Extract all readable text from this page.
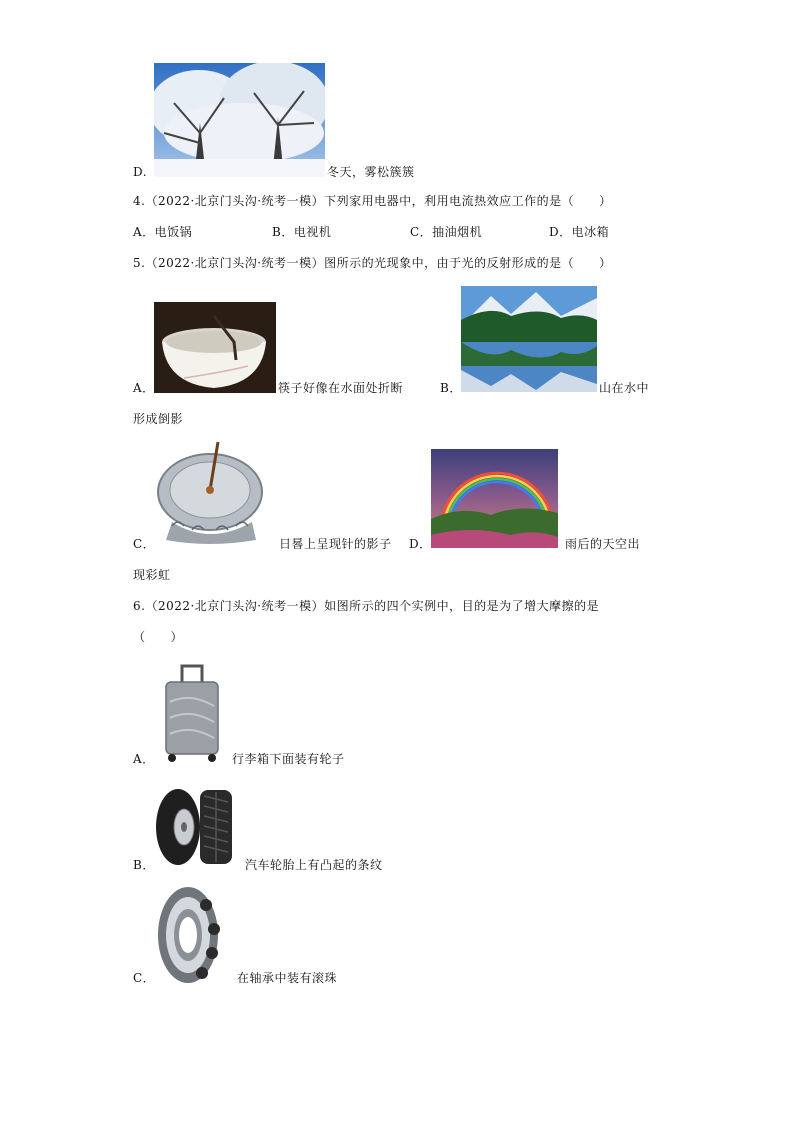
D.	冬天，雾松簇簇
4.（2022·北京门头沟·统考一模）下列家用电器中，利用电流热效应工作的是（　　）
A．电饭锅	B．电视机	C．抽油烟机	D．电冰箱
5.（2022·北京门头沟·统考一模）图所示的光现象中，由于光的反射形成的是（　　）
A．	筷子好像在水面处折断	B．	山在水中
形成倒影
C．	日晷上呈现针的影子 D．	雨后的天空出
现彩虹
6.（2022·北京门头沟·统考一模）如图所示的四个实例中，目的是为了增大摩擦的是
（　　）
A．	行李箱下面装有轮子
B．	汽车轮胎上有凸起的条纹
C．	在轴承中装有滚珠
